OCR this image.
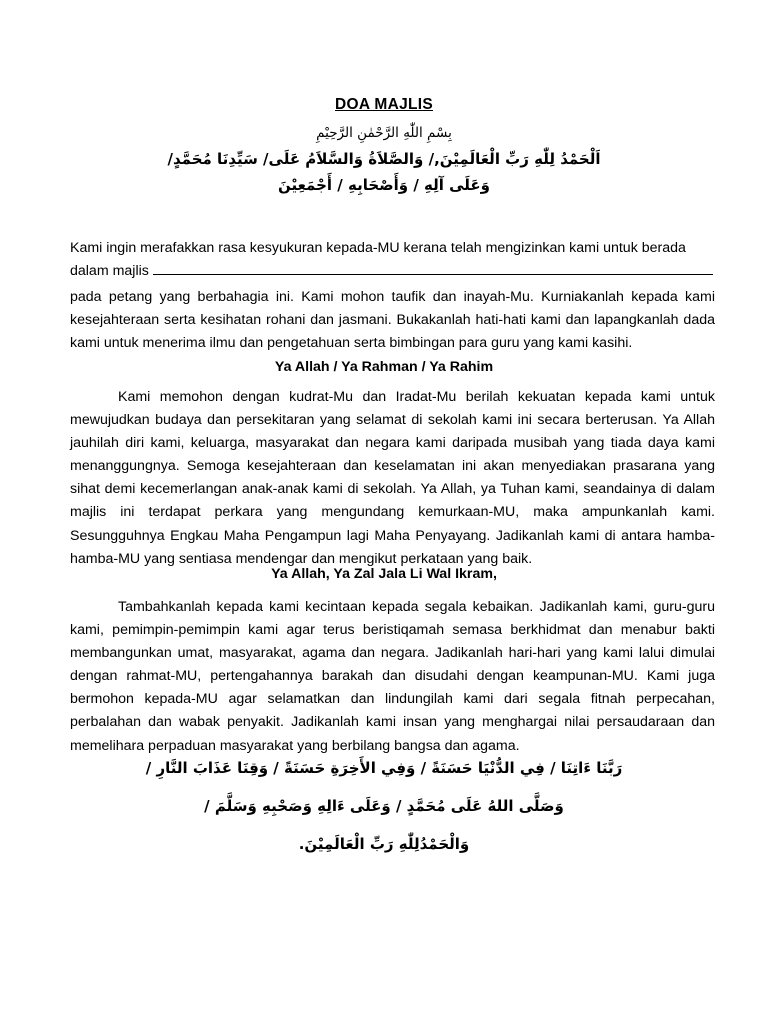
DOA MAJLIS
بِسْمِ اللّٰهِ الرَّحْمٰنِ الرَّحِيْمِ
اَلْحَمْدُ لِلّٰهِ رَبِّ الْعَالَمِيْنَ,/ وَالصَّلاَةُ وَالسَّلاَمُ عَلَى/ سَيِّدِنَا مُحَمَّدٍ/
وَعَلَى آلِهِ / وَأَصْحَابِهِ / أَجْمَعِيْنَ

Kami ingin merafakkan rasa kesyukuran kepada-MU kerana telah mengizinkan kami untuk berada
dalam majlis

pada petang yang berbahagia ini. Kami mohon taufik dan inayah-Mu. Kurniakanlah kepada kami kesejahteraan serta kesihatan rohani dan jasmani. Bukakanlah hati-hati kami dan lapangkanlah dada kami untuk menerima ilmu dan pengetahuan serta bimbingan para guru yang kami kasihi.

Ya Allah / Ya Rahman / Ya Rahim

Kami memohon dengan kudrat-Mu dan Iradat-Mu berilah kekuatan kepada kami untuk mewujudkan budaya dan persekitaran yang selamat di sekolah kami ini secara berterusan. Ya Allah jauhilah diri kami, keluarga, masyarakat dan negara kami daripada musibah yang tiada daya kami menanggungnya. Semoga kesejahteraan dan keselamatan ini akan menyediakan prasarana yang sihat demi kecemerlangan anak-anak kami di sekolah. Ya Allah, ya Tuhan kami, seandainya di dalam majlis ini terdapat perkara yang mengundang kemurkaan-MU, maka ampunkanlah kami. Sesungguhnya Engkau Maha Pengampun lagi Maha Penyayang. Jadikanlah kami di antara hamba-hamba-MU yang sentiasa mendengar dan mengikut perkataan yang baik.

Ya Allah, Ya Zal Jala Li Wal Ikram,

Tambahkanlah kepada kami kecintaan kepada segala kebaikan. Jadikanlah kami, guru-guru kami, pemimpin-pemimpin kami agar terus beristiqamah semasa berkhidmat dan menabur bakti membangunkan umat, masyarakat, agama dan negara. Jadikanlah hari-hari yang kami lalui dimulai dengan rahmat-MU, pertengahannya barakah dan disudahi dengan keampunan-MU. Kami juga bermohon kepada-MU agar selamatkan dan lindungilah kami dari segala fitnah perpecahan, perbalahan dan wabak penyakit. Jadikanlah kami insan yang menghargai nilai persaudaraan dan memelihara perpaduan masyarakat yang berbilang bangsa dan agama.

رَبَّنَا ءَاتِنَا / فِي الدُّنْيَا حَسَنَةً / وَفِي الأَخِرَةِ حَسَنَةً / وَقِنَا عَذَابَ النَّارِ /
وَصَلَّى اللهُ عَلَى مُحَمَّدٍ / وَعَلَى ءَالِهِ وَصَحْبِهِ وَسَلَّمَ /
وَالْحَمْدُلِلّٰهِ رَبِّ الْعَالَمِيْنَ.
